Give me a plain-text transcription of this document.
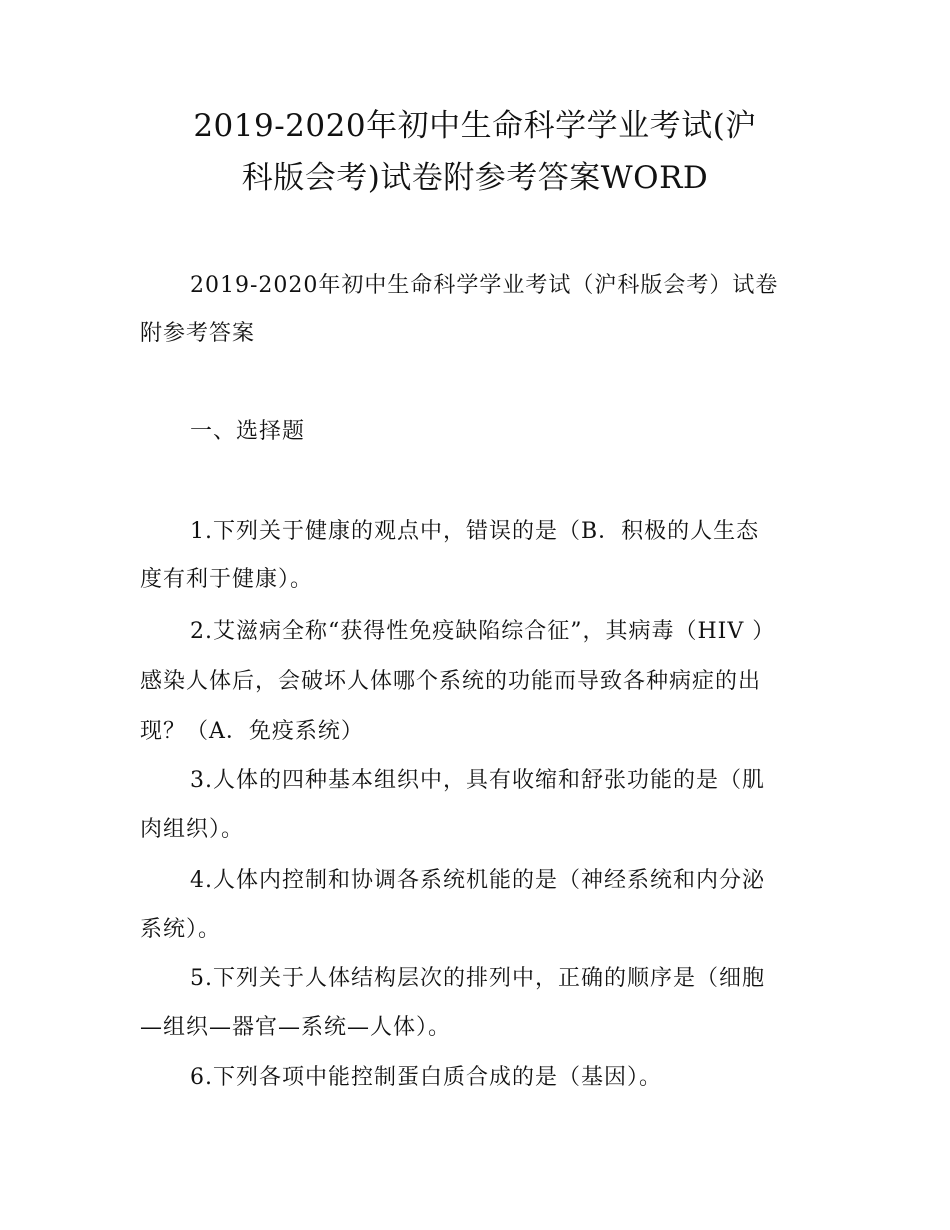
2019-2020年初中生命科学学业考试(沪
科版会考)试卷附参考答案WORD
2019-2020年初中生命科学学业考试（沪科版会考）试卷
附参考答案
一、选择题
1.下列关于健康的观点中，错误的是（B．积极的人生态
度有利于健康）。
2.艾滋病全称“获得性免疫缺陷综合征”，其病毒（HIV ）
感染人体后，会破坏人体哪个系统的功能而导致各种病症的出
现？（A．免疫系统）
3.人体的四种基本组织中，具有收缩和舒张功能的是（肌
肉组织）。
4.人体内控制和协调各系统机能的是（神经系统和内分泌
系统）。
5.下列关于人体结构层次的排列中，正确的顺序是（细胞
—组织—器官—系统—人体）。
6.下列各项中能控制蛋白质合成的是（基因）。
